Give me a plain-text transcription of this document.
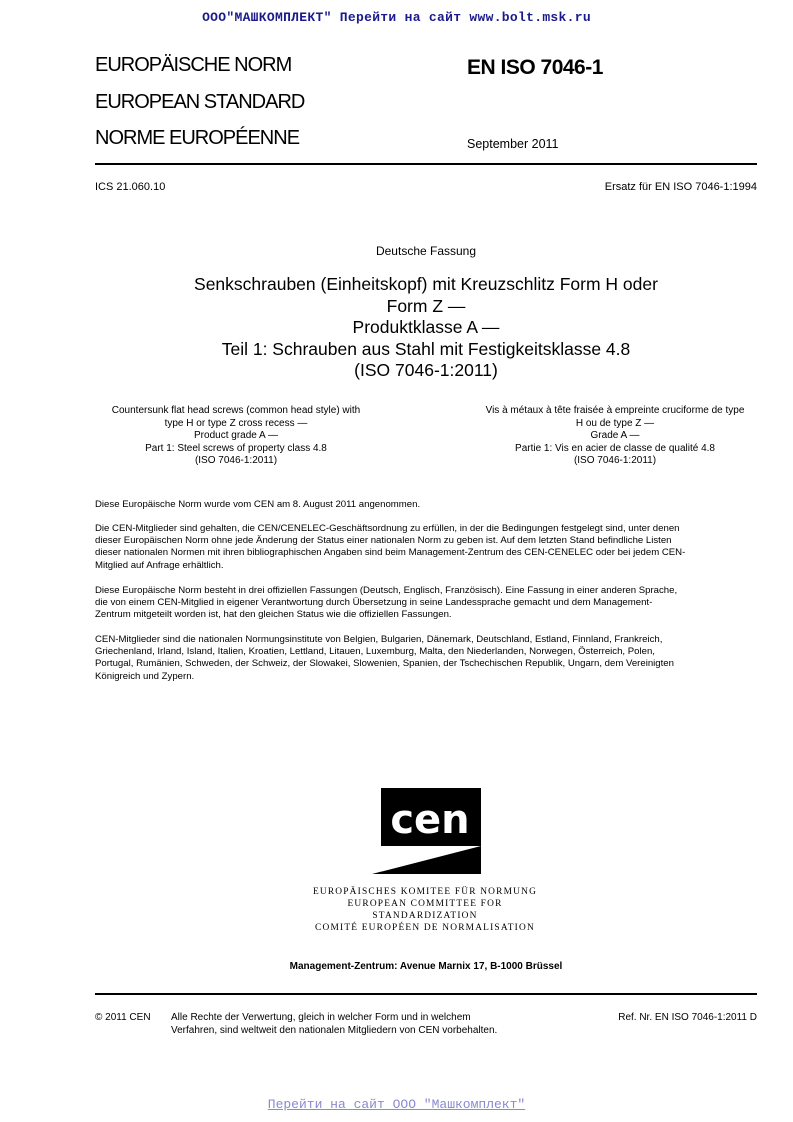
ООО"МАШКОМПЛЕКТ" Перейти на сайт www.bolt.msk.ru
EUROPÄISCHE NORM
EUROPEAN STANDARD
NORME EUROPÉENNE
EN ISO 7046-1
September 2011
ICS 21.060.10	Ersatz für EN ISO 7046-1:1994
Deutsche Fassung
Senkschrauben (Einheitskopf) mit Kreuzschlitz Form H oder
Form Z —
Produktklasse A —
Teil 1: Schrauben aus Stahl mit Festigkeitsklasse 4.8
(ISO 7046-1:2011)
Countersunk flat head screws (common head style) with
type H or type Z cross recess —
Product grade A —
Part 1: Steel screws of property class 4.8
(ISO 7046-1:2011)
Vis à métaux à tête fraisée à empreinte cruciforme de type
H ou de type Z —
Grade A —
Partie 1: Vis en acier de classe de qualité 4.8
(ISO 7046-1:2011)
Diese Europäische Norm wurde vom CEN am 8. August 2011 angenommen.
Die CEN-Mitglieder sind gehalten, die CEN/CENELEC-Geschäftsordnung zu erfüllen, in der die Bedingungen festgelegt sind, unter denen
dieser Europäischen Norm ohne jede Änderung der Status einer nationalen Norm zu geben ist. Auf dem letzten Stand befindliche Listen
dieser nationalen Normen mit ihren bibliographischen Angaben sind beim Management-Zentrum des CEN-CENELEC oder bei jedem CEN-
Mitglied auf Anfrage erhältlich.
Diese Europäische Norm besteht in drei offiziellen Fassungen (Deutsch, Englisch, Französisch). Eine Fassung in einer anderen Sprache,
die von einem CEN-Mitglied in eigener Verantwortung durch Übersetzung in seine Landessprache gemacht und dem Management-
Zentrum mitgeteilt worden ist, hat den gleichen Status wie die offiziellen Fassungen.
CEN-Mitglieder sind die nationalen Normungsinstitute von Belgien, Bulgarien, Dänemark, Deutschland, Estland, Finnland, Frankreich,
Griechenland, Irland, Island, Italien, Kroatien, Lettland, Litauen, Luxemburg, Malta, den Niederlanden, Norwegen, Österreich, Polen,
Portugal, Rumänien, Schweden, der Schweiz, der Slowakei, Slowenien, Spanien, der Tschechischen Republik, Ungarn, dem Vereinigten
Königreich und Zypern.
cen
EUROPÄISCHES KOMITEE FÜR NORMUNG
EUROPEAN COMMITTEE FOR STANDARDIZATION
COMITÉ EUROPÉEN DE NORMALISATION
Management-Zentrum: Avenue Marnix 17, B-1000 Brüssel
© 2011 CEN Alle Rechte der Verwertung, gleich in welcher Form und in welchem
Verfahren, sind weltweit den nationalen Mitgliedern von CEN vorbehalten.
Ref. Nr. EN ISO 7046-1:2011 D
Перейти на сайт ООО "Машкомплект"
